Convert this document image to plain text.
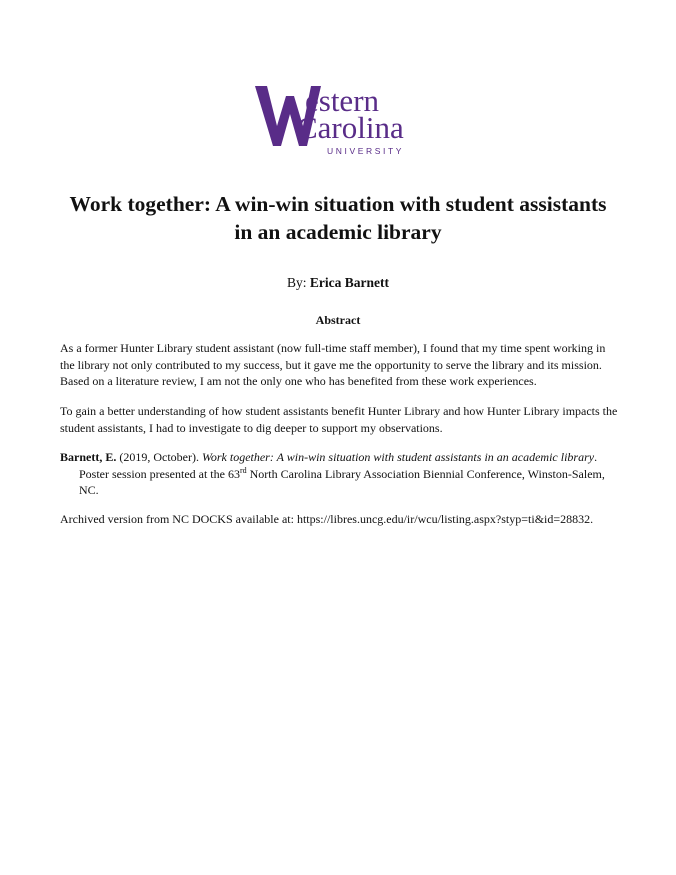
estern
Carolina
UNIVERSITY
Work together: A win-win situation with student assistants
in an academic library
By: Erica Barnett
Abstract

As a former Hunter Library student assistant (now full-time staff member), I found that my time spent working in the library not only contributed to my success, but it gave me the opportunity to serve the library and its mission. Based on a literature review, I am not the only one who has benefited from these work experiences.

To gain a better understanding of how student assistants benefit Hunter Library and how Hunter Library impacts the student assistants, I had to investigate to dig deeper to support my observations.

Barnett, E. (2019, October). Work together: A win-win situation with student assistants in an academic library.
Poster session presented at the 63rd North Carolina Library Association Biennial Conference, Winston-Salem,
NC.

Archived version from NC DOCKS available at: https://libres.uncg.edu/ir/wcu/listing.aspx?styp=ti&id=28832.
